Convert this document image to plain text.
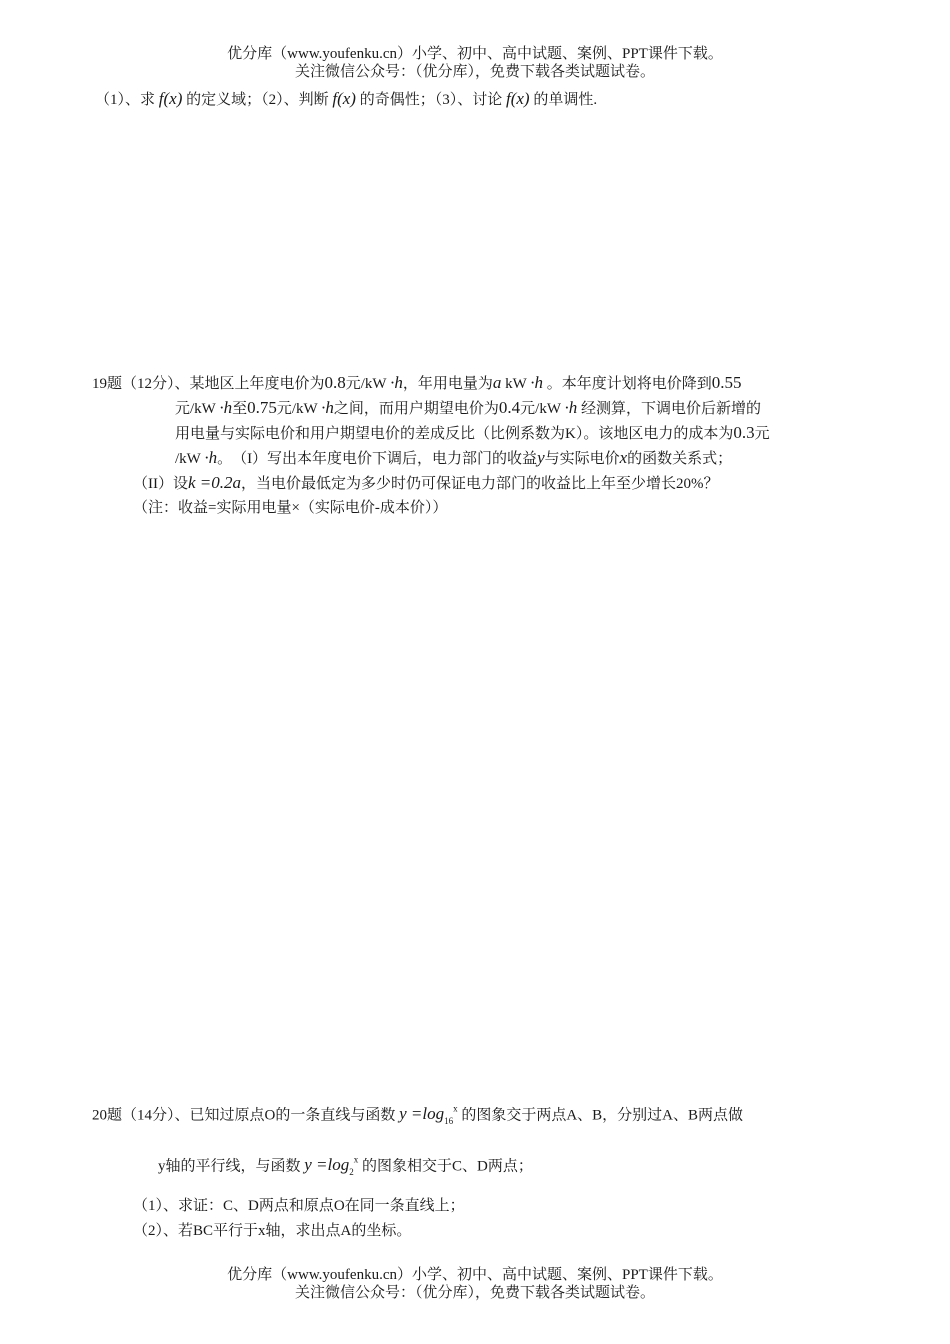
优分库（www.youfenku.cn）小学、初中、高中试题、案例、PPT课件下载。
关注微信公众号：（优分库），免费下载各类试题试卷。
（1）、求 f(x) 的定义域；（2）、判断 f(x) 的奇偶性；（3）、讨论 f(x) 的单调性.
19题（12分）、某地区上年度电价为0.8元/kW ·h，年用电量为a kW ·h 。本年度计划将电价降到0.55
元/kW ·h至0.75元/kW ·h之间，而用户期望电价为0.4元/kW ·h 经测算，下调电价后新增的
用电量与实际电价和用户期望电价的差成反比（比例系数为K）。该地区电力的成本为0.3元
/kW ·h。　（I）写出本年度电价下调后，电力部门的收益y与实际电价x的函数关系式；
（II）设k =0.2a，当电价最低定为多少时仍可保证电力部门的收益比上年至少增长20%？
（注：收益=实际用电量×（实际电价-成本价））
20题（14分）、已知过原点O的一条直线与函数 $y =\log_{16}^x$ 的图象交于两点A、B，分别过A、B两点做
y轴的平行线，与函数 $y =\log_2^x$ 的图象相交于C、D两点；
（1）、求证：C、D两点和原点O在同一条直线上；
（2）、若BC平行于x轴，求出点A的坐标。
优分库（www.youfenku.cn）小学、初中、高中试题、案例、PPT课件下载。
关注微信公众号：（优分库），免费下载各类试题试卷。
